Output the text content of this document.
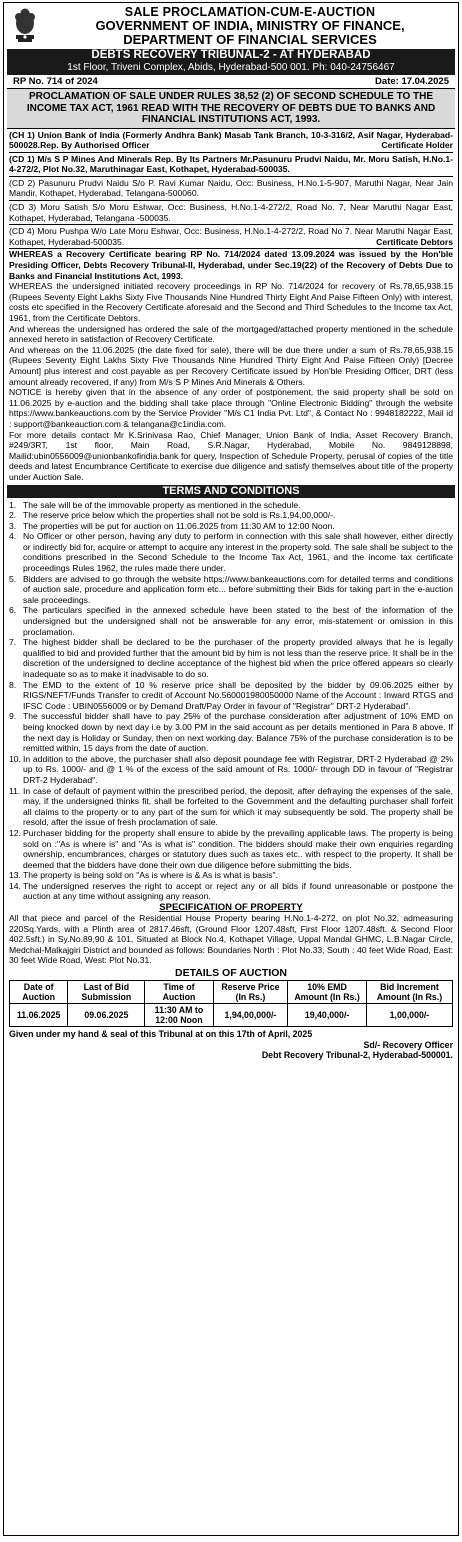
SALE PROCLAMATION-CUM-E-AUCTION
GOVERNMENT OF INDIA, MINISTRY OF FINANCE,
DEPARTMENT OF FINANCIAL SERVICES
DEBTS RECOVERY TRIBUNAL-2 - AT HYDERABAD
1st Floor, Triveni Complex, Abids, Hyderabad-500 001. Ph: 040-24756467
RP No. 714 of 2024	Date: 17.04.2025
PROCLAMATION OF SALE UNDER RULES 38,52 (2) OF SECOND SCHEDULE TO THE INCOME TAX ACT, 1961 READ WITH THE RECOVERY OF DEBTS DUE TO BANKS AND FINANCIAL INSTITUTIONS ACT, 1993.

(CH 1) Union Bank of India (Formerly Andhra Bank) Masab Tank Branch, 10-3-316/2, Asif Nagar, Hyderabad-500028.Rep. By Authorised Officer	Certificate Holder

(CD 1) M/s S P Mines And Minerals Rep. By Its Partners Mr.Pasunuru Prudvi Naidu, Mr. Moru Satish, H.No.1-4-272/2, Plot No.32, Maruthinagar East, Kothapet, Hyderabad-500035.

(CD 2) Pasunuru Prudvi Naidu S/o P. Ravi Kumar Naidu, Occ: Business, H.No.1-5-907, Maruthi Nagar, Near Jain Mandir, Kothapet, Hyderabad, Telangana-500060.

(CD 3) Moru Satish S/o Moru Eshwar, Occ: Business, H.No.1-4-272/2, Road No. 7, Near Maruthi Nagar East, Kothapet, Hyderabad, Telangana -500035.

(CD 4) Moru Pushpa W/o Late Moru Eshwar, Occ: Business, H.No.1-4-272/2, Road No 7. Near Maruthi Nagar East, Kothapet, Hyderabad-500035.	Certificate Debtors

WHEREAS a Recovery Certificate bearing RP No. 714/2024 dated 13.09.2024 was issued by the Hon'ble Presiding Officer, Debts Recovery Tribunal-II, Hyderabad, under Sec.19(22) of the Recovery of Debts Due to Banks and Financial Institutions Act, 1993.

WHEREAS the undersigned initiated recovery proceedings in RP No. 714/2024 for recovery of Rs.78,65,938.15 (Rupees Seventy Eight Lakhs Sixty Five Thousands Nine Hundred Thirty Eight And Paise Fifteen Only) with interest, costs etc specified in the Recovery Certificate aforesaid and the Second and Third Schedules to the Income tax Act, 1961, from the Certificate Debtors.

And whereas the undersigned has ordered the sale of the mortgaged/attached property mentioned in the schedule annexed hereto in satisfaction of Recovery Certificate.

And whereas on the 11.06.2025 (the date fixed for sale), there will be due there under a sum of Rs.78,65,938.15 (Rupees Seventy Eight Lakhs Sixty Five Thousands Nine Hundred Thirty Eight And Paise Fifteen Only) [Decree Amount] plus interest and cost payable as per Recovery Certificate issued by Hon'ble Presiding Officer, DRT (less amount already recovered, if any) from M/s S P Mines And Minerals & Others.

NOTICE is hereby given that in the absence of any order of postponement, the said property shall be sold on 11.06.2025 by e-auction and the bidding shall take place through "Online Electronic Bidding" through the website https://www.bankeauctions.com by the Service Provider "M/s C1 India Pvt. Ltd", & Contact No : 9948182222, Mail id : support@bankeauction.com & telangana@c1india.com.

For more details contact Mr K.Srinivasa Rao, Chief Manager, Union Bank of India, Asset Recovery Branch, #249/3RT, 1st floor, Main Road, S.R.Nagar, Hyderabad, Mobile No. 9849128898, Mailid:ubin0556009@unionbankofindia.bank for query, Inspection of Schedule Property, perusal of copies of the title deeds and latest Encumbrance Certificate to exercise due diligence and satisfy themselves about title of the property under Auction Sale.

TERMS AND CONDITIONS
1. The sale will be of the immovable property as mentioned in the schedule.
2. The reserve price below which the properties shall not be sold is Rs.1,94,00,000/-.
3. The properties will be put for auction on 11.06.2025 from 11:30 AM to 12:00 Noon.
4. No Officer or other person, having any duty to perform in connection with this sale shall however, either directly or indirectly bid for, acquire or attempt to acquire any interest in the property sold. The sale shall be subject to the conditions prescribed in the Second Schedule to the Income Tax Act, 1961, and the income tax certificate proceedings Rules 1962, the rules made there under.
5. Bidders are advised to go through the website https://www.bankeauctions.com for detailed terms and conditions of auction sale, procedure and application form etc... before submitting their Bids for taking part in the e-auction sale proceedings.
6. The particulars specified in the annexed schedule have been stated to the best of the information of the undersigned but the undersigned shall not be answerable for any error, mis-statement or omission in this proclamation.
7. The highest bidder shall be declared to be the purchaser of the property provided always that he is legally qualified to bid and provided further that the amount bid by him is not less than the reserve price. It shall be in the discretion of the undersigned to decline acceptance of the highest bid when the price offered appears so clearly inadequate so as to make it inadvisable to do so.
8. The EMD to the extent of 10 % reserve price shall be deposited by the bidder by 09.06.2025 either by RIGS/NEFT/Funds Transfer to credit of Account No.560001980050000 Name of the Account : Inward RTGS and IFSC Code : UBIN0556009 or by Demand Draft/Pay Order in favour of "Registrar" DRT-2 Hyderabad".
9. The successful bidder shall have to pay 25% of the purchase consideration after adjustment of 10% EMD on being knocked down by next day i.e by 3.00 PM in the said account as per details mentioned in Para 8 above. If the next day is Holiday or Sunday, then on next working day. Balance 75% of the purchase consideration is to be remitted within, 15 days from the date of auction.
10. In addition to the above, the purchaser shall also deposit poundage fee with Registrar, DRT-2 Hyderabad @ 2% up to Rs. 1000/- and @ 1 % of the excess of the said amount of Rs. 1000/- through DD in favour of "Registrar DRT-2 Hyderabad".
11. In case of default of payment within the prescribed period, the deposit, after defraying the expenses of the sale, may, if the undersigned thinks fit, shall be forfeited to the Government and the defaulting purchaser shall forfeit all claims to the property or to any part of the sum for which it may subsequently be sold. The property shall be resold, after the issue of fresh proclamation of sale.
12. Purchaser bidding for the property shall ensure to abide by the prevailing applicable laws. The property is being sold on :"As is where is" and "As is what is" condition. The bidders should make their own enquiries regarding ownership, encumbrances, charges or statutory dues such as taxes etc.. with respect to the property. It shall be deemed that the bidders have done their own due diligence before submitting the bids.
13. The property is being sold on "As is where is & As is what is basis".
14. The undersigned reserves the right to accept or reject any or all bids if found unreasonable or postpone the auction at any time without assigning any reason.
SPECIFICATION OF PROPERTY

All that piece and parcel of the Residential House Property bearing H.No.1-4-272, on plot No.32, admeasuring 220Sq.Yards, with a Plinth area of 2817.46sft, (Ground Floor 1207.48sft, First Floor 1207.48sft. & Second Floor 402.5sft.) in Sy.No.89,90 & 101, Situated at Block No.4, Kothapet Village, Uppal Mandal GHMC, L.B.Nagar Circle, Medchal-Malkajgiri District and bounded as follows: Boundaries North : Plot No.33, South : 40 feet Wide Road, East: 30 feet Wide Road, West: Plot No.31.

DETAILS OF AUCTION
Date of Auction	Last of Bid Submission	Time of Auction	Reserve Price (In Rs.)	10% EMD Amount (In Rs.)	Bid Increment Amount (In Rs.)
11.06.2025	09.06.2025	11:30 AM to 12:00 Noon	1,94,00,000/-	19,40,000/-	1,00,000/-
Given under my hand & seal of this Tribunal at on this 17th of April, 2025
Sd/- Recovery Officer
Debt Recovery Tribunal-2, Hyderabad-500001.
